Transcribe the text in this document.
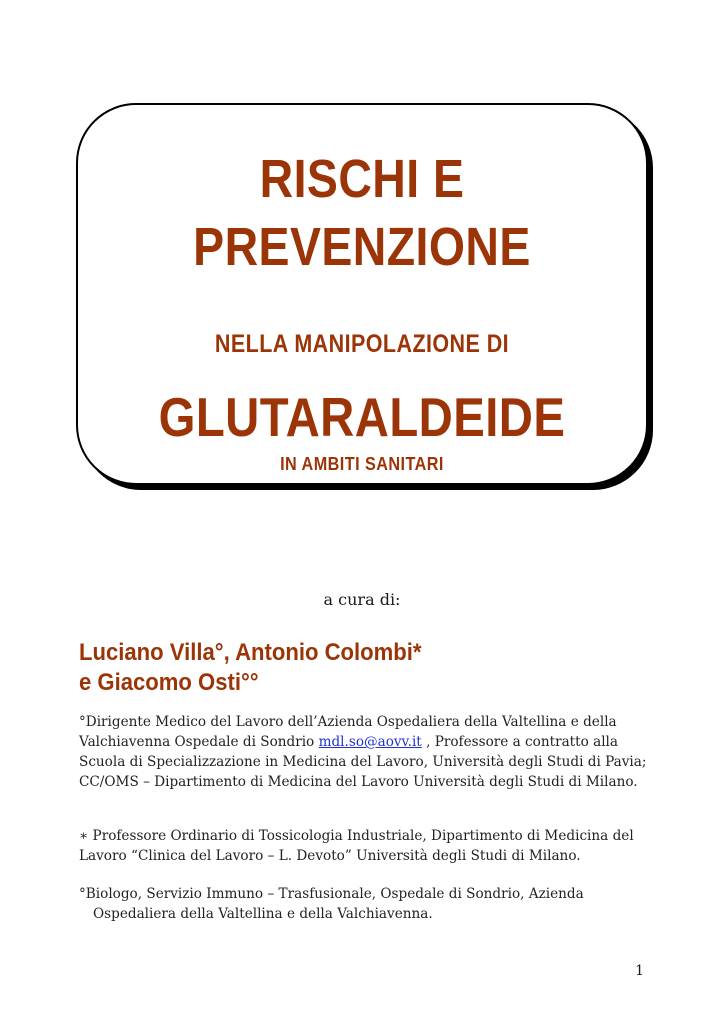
RISCHI E
PREVENZIONE
NELLA MANIPOLAZIONE DI
GLUTARALDEIDE
IN AMBITI SANITARI
a cura di:
Luciano Villa°, Antonio Colombi*
e Giacomo Osti°°
°Dirigente Medico del Lavoro dell’Azienda Ospedaliera della Valtellina e della Valchiavenna Ospedale di Sondrio mdl.so@aovv.it , Professore a contratto alla Scuola di Specializzazione in Medicina del Lavoro, Università degli Studi di Pavia; CC/OMS – Dipartimento di Medicina del Lavoro Università degli Studi di Milano.
∗ Professore Ordinario di Tossicologia Industriale, Dipartimento di Medicina del Lavoro “Clinica del Lavoro – L. Devoto” Università degli Studi di Milano.
°Biologo, Servizio Immuno – Trasfusionale, Ospedale di Sondrio, Azienda
Ospedaliera della Valtellina e della Valchiavenna.
1
